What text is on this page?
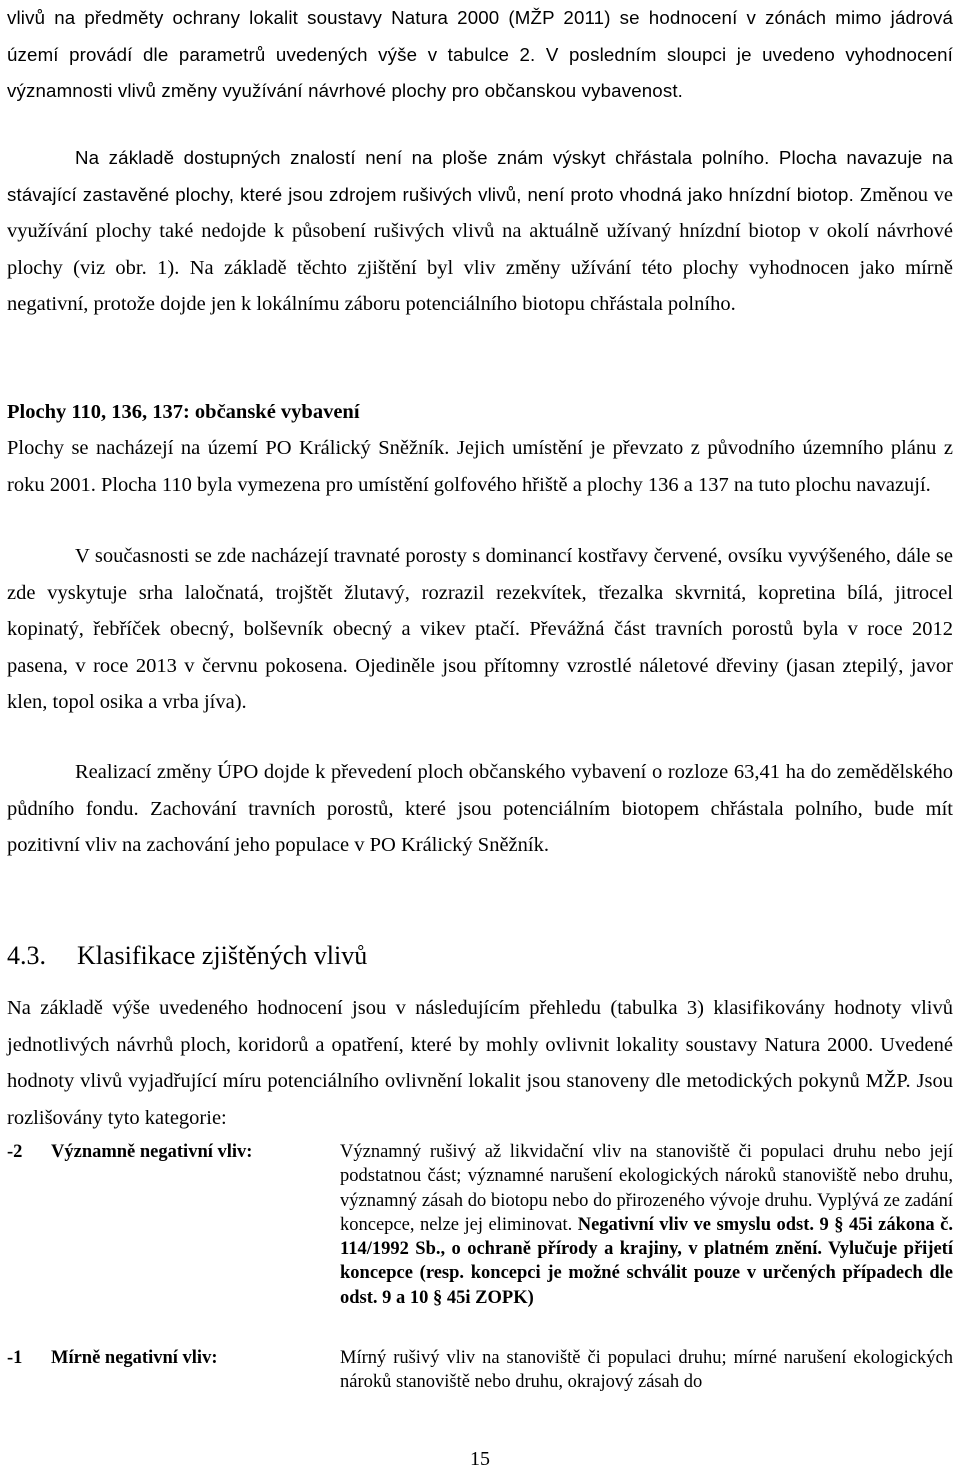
vlivů na předměty ochrany lokalit soustavy Natura 2000 (MŽP 2011) se hodnocení v zónách mimo jádrová území provádí dle parametrů uvedených výše v tabulce 2. V posledním sloupci je uvedeno vyhodnocení významnosti vlivů změny využívání návrhové plochy pro občanskou vybavenost.

Na základě dostupných znalostí není na ploše znám výskyt chřástala polního. Plocha navazuje na stávající zastavěné plochy, které jsou zdrojem rušivých vlivů, není proto vhodná jako hnízdní biotop. Změnou ve využívání plochy také nedojde k působení rušivých vlivů na aktuálně užívaný hnízdní biotop v okolí návrhové plochy (viz obr. 1). Na základě těchto zjištění byl vliv změny užívání této plochy vyhodnocen jako mírně negativní, protože dojde jen k lokálnímu záboru potenciálního biotopu chřástala polního.

Plochy 110, 136, 137: občanské vybavení

Plochy se nacházejí na území PO Králický Sněžník. Jejich umístění je převzato z původního územního plánu z roku 2001. Plocha 110 byla vymezena pro umístění golfového hřiště a plochy 136 a 137 na tuto plochu navazují.

V současnosti se zde nacházejí travnaté porosty s dominancí kostřavy červené, ovsíku vyvýšeného, dále se zde vyskytuje srha laločnatá, trojštět žlutavý, rozrazil rezekvítek, třezalka skvrnitá, kopretina bílá, jitrocel kopinatý, řebříček obecný, bolševník obecný a vikev ptačí. Převážná část travních porostů byla v roce 2012 pasena, v roce 2013 v červnu pokosena. Ojediněle jsou přítomny vzrostlé náletové dřeviny (jasan ztepilý, javor klen, topol osika a vrba jíva).

Realizací změny ÚPO dojde k převedení ploch občanského vybavení o rozloze 63,41 ha do zemědělského půdního fondu. Zachování travních porostů, které jsou potenciálním biotopem chřástala polního, bude mít pozitivní vliv na zachování jeho populace v PO Králický Sněžník.

4.3. Klasifikace zjištěných vlivů

Na základě výše uvedeného hodnocení jsou v následujícím přehledu (tabulka 3) klasifikovány hodnoty vlivů jednotlivých návrhů ploch, koridorů a opatření, které by mohly ovlivnit lokality soustavy Natura 2000. Uvedené hodnoty vlivů vyjadřující míru potenciálního ovlivnění lokalit jsou stanoveny dle metodických pokynů MŽP. Jsou rozlišovány tyto kategorie:

-2 Významně negativní vliv:	Významný rušivý až likvidační vliv na stanoviště či populaci druhu nebo její podstatnou část; významné narušení ekologických nároků stanoviště nebo druhu, významný zásah do biotopu nebo do přirozeného vývoje druhu. Vyplývá ze zadání koncepce, nelze jej eliminovat. Negativní vliv ve smyslu odst. 9 § 45i zákona č. 114/1992 Sb., o ochraně přírody a krajiny, v platném znění. Vylučuje přijetí koncepce (resp. koncepci je možné schválit pouze v určených případech dle odst. 9 a 10 § 45i ZOPK)
-1 Mírně negativní vliv:	Mírný rušivý vliv na stanoviště či populaci druhu; mírné narušení ekologických nároků stanoviště nebo druhu, okrajový zásah do
15
